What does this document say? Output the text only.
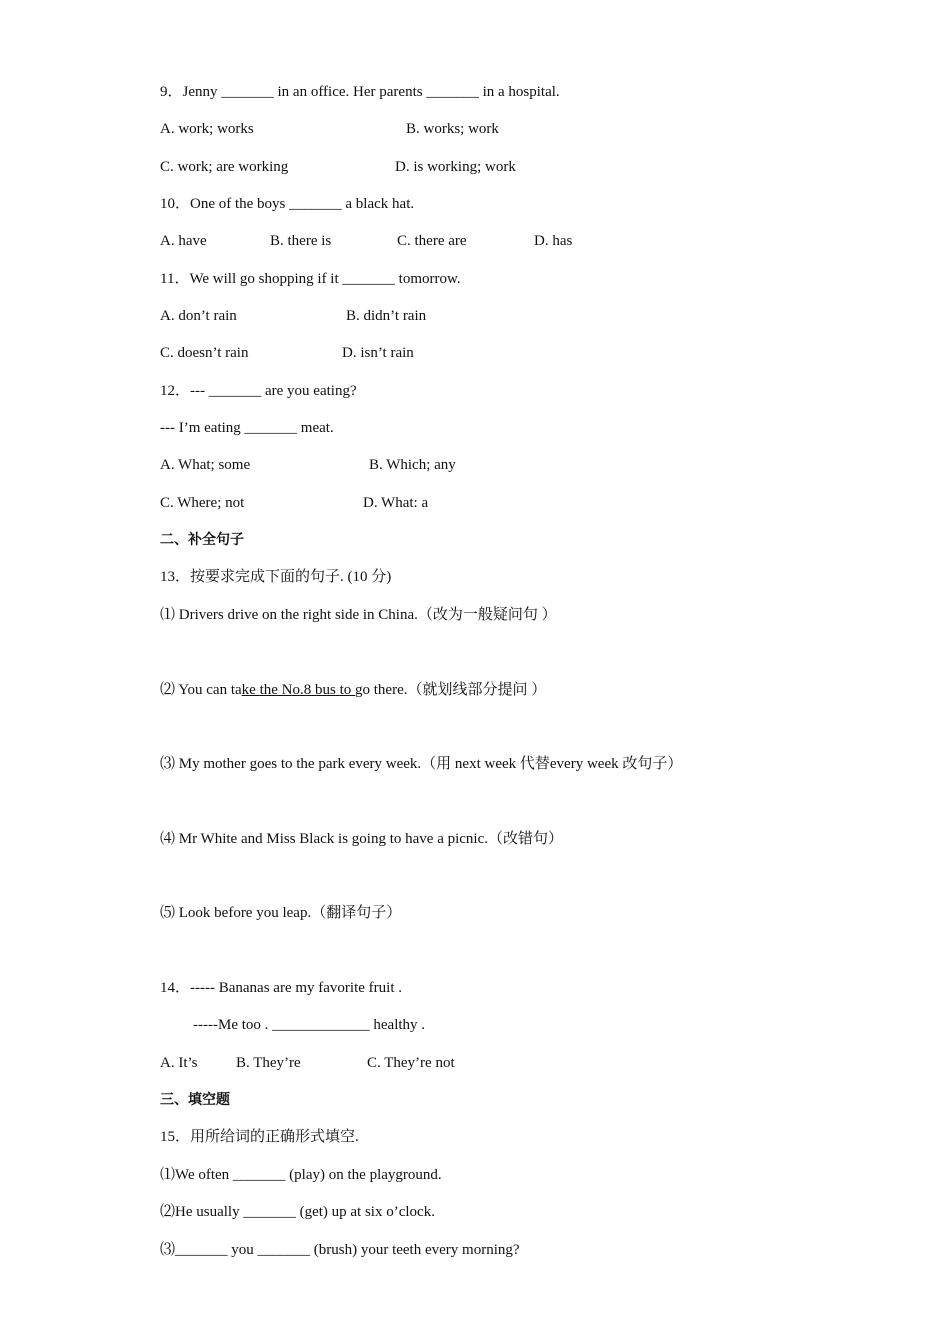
9．Jenny _______ in an office. Her parents _______ in a hospital.
A. work; works	B. works; work
C. work; are working	D. is working; work
10．One of the boys _______ a black hat.
A. have	B. there is	C. there are	D. has
11．We will go shopping if it _______ tomorrow.
A. don’t rain	B. didn’t rain
C. doesn’t rain	D. isn’t rain
12．--- _______ are you eating?
--- I’m eating _______ meat.
A. What; some	B. Which; any
C. Where; not	D. What: a
二、补全句子
13．按要求完成下面的句子. (10 分)
⑴ Drivers drive on the right side in China.（改为一般疑问句 ）
⑵ You can take the No.8 bus to go there.（就划线部分提问 ）
⑶ My mother goes to the park every week.（用 next week 代替every week 改句子）
⑷ Mr White and Miss Black is going to have a picnic.（改错句）
⑸ Look before you leap.（翻译句子）
14．----- Bananas are my favorite fruit .
-----Me too . _____________ healthy .
A. It’s	B. They’re	C. They’re not
三、填空题
15．用所给词的正确形式填空.
⑴We often _______ (play) on the playground.
⑵He usually _______ (get) up at six o’clock.
⑶_______ you _______ (brush) your teeth every morning?
